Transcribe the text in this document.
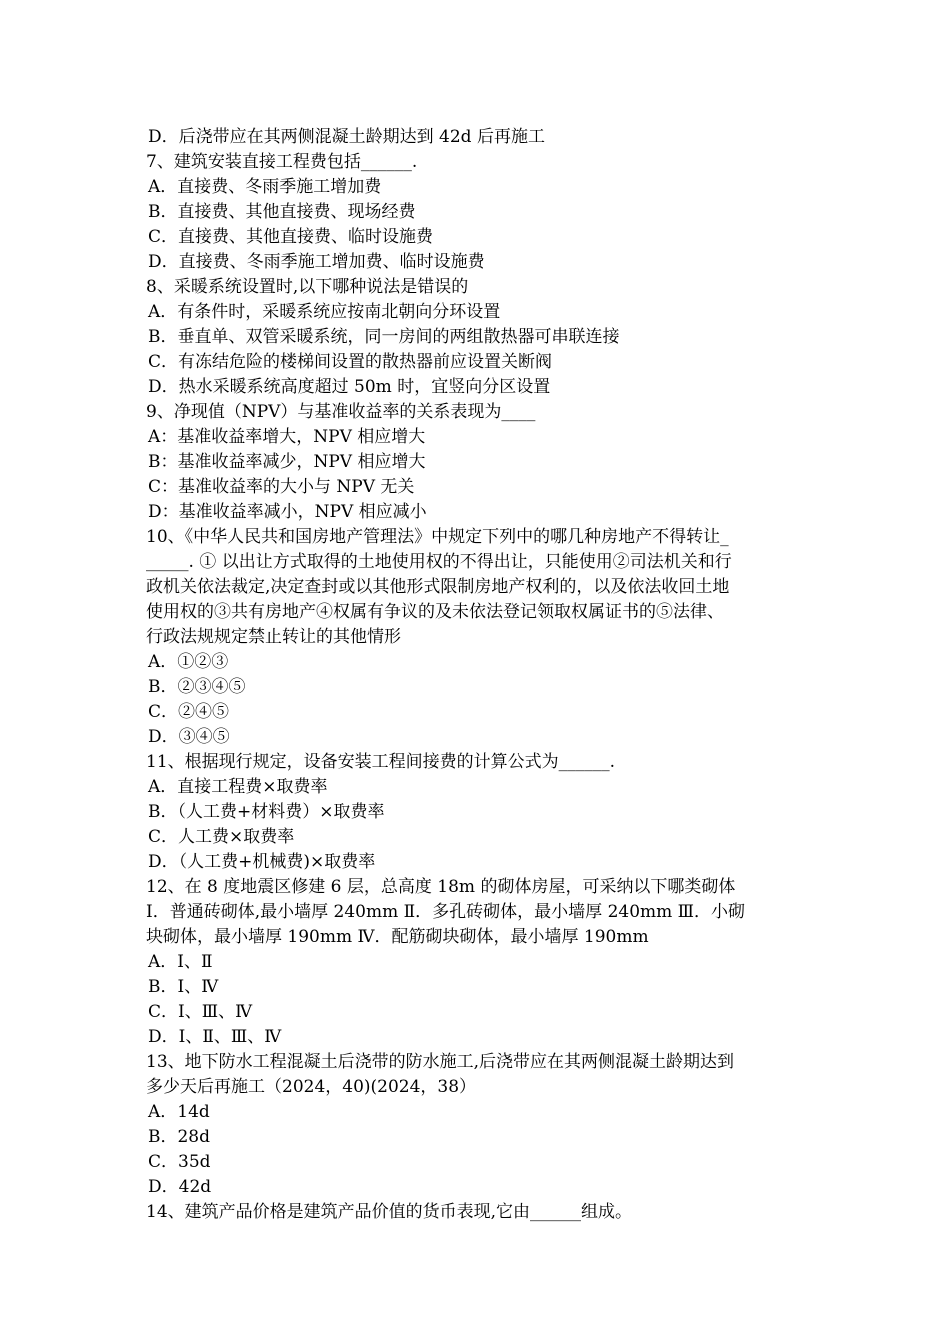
D．后浇带应在其两侧混凝土龄期达到 42d 后再施工
7、建筑安装直接工程费包括______.
A．直接费、冬雨季施工增加费
B．直接费、其他直接费、现场经费
C．直接费、其他直接费、临时设施费
D．直接费、冬雨季施工增加费、临时设施费
8、采暖系统设置时,以下哪种说法是错误的
A．有条件时，采暖系统应按南北朝向分环设置
B．垂直单、双管采暖系统，同一房间的两组散热器可串联连接
C．有冻结危险的楼梯间设置的散热器前应设置关断阀
D．热水采暖系统高度超过 50m 时，宜竖向分区设置
9、净现值（NPV）与基准收益率的关系表现为____
A：基准收益率增大，NPV 相应增大
B：基准收益率减少，NPV 相应增大
C：基准收益率的大小与 NPV 无关
D：基准收益率减小，NPV 相应减小
10、《中华人民共和国房地产管理法》中规定下列中的哪几种房地产不得转让_
_____. ① 以出让方式取得的土地使用权的不得出让，只能使用②司法机关和行
政机关依法裁定,决定查封或以其他形式限制房地产权利的，以及依法收回土地
使用权的③共有房地产④权属有争议的及未依法登记领取权属证书的⑤法律、
行政法规规定禁止转让的其他情形
A．①②③
B．②③④⑤
C．②④⑤
D．③④⑤
11、根据现行规定，设备安装工程间接费的计算公式为______.
A．直接工程费×取费率
B．（人工费+材料费）×取费率
C．人工费×取费率
D．（人工费+机械费)×取费率
12、在 8 度地震区修建 6 层，总高度 18m 的砌体房屋，可采纳以下哪类砌体
Ⅰ．普通砖砌体,最小墙厚 240mm Ⅱ．多孔砖砌体，最小墙厚 240mm Ⅲ．小砌
块砌体，最小墙厚 190mm Ⅳ．配筋砌块砌体，最小墙厚 190mm
A．Ⅰ、Ⅱ
B．Ⅰ、Ⅳ
C．Ⅰ、Ⅲ、Ⅳ
D．Ⅰ、Ⅱ、Ⅲ、Ⅳ
13、地下防水工程混凝土后浇带的防水施工,后浇带应在其两侧混凝土龄期达到
多少天后再施工（2024，40)(2024，38）
A．14d
B．28d
C．35d
D．42d
14、建筑产品价格是建筑产品价值的货币表现,它由______组成。
